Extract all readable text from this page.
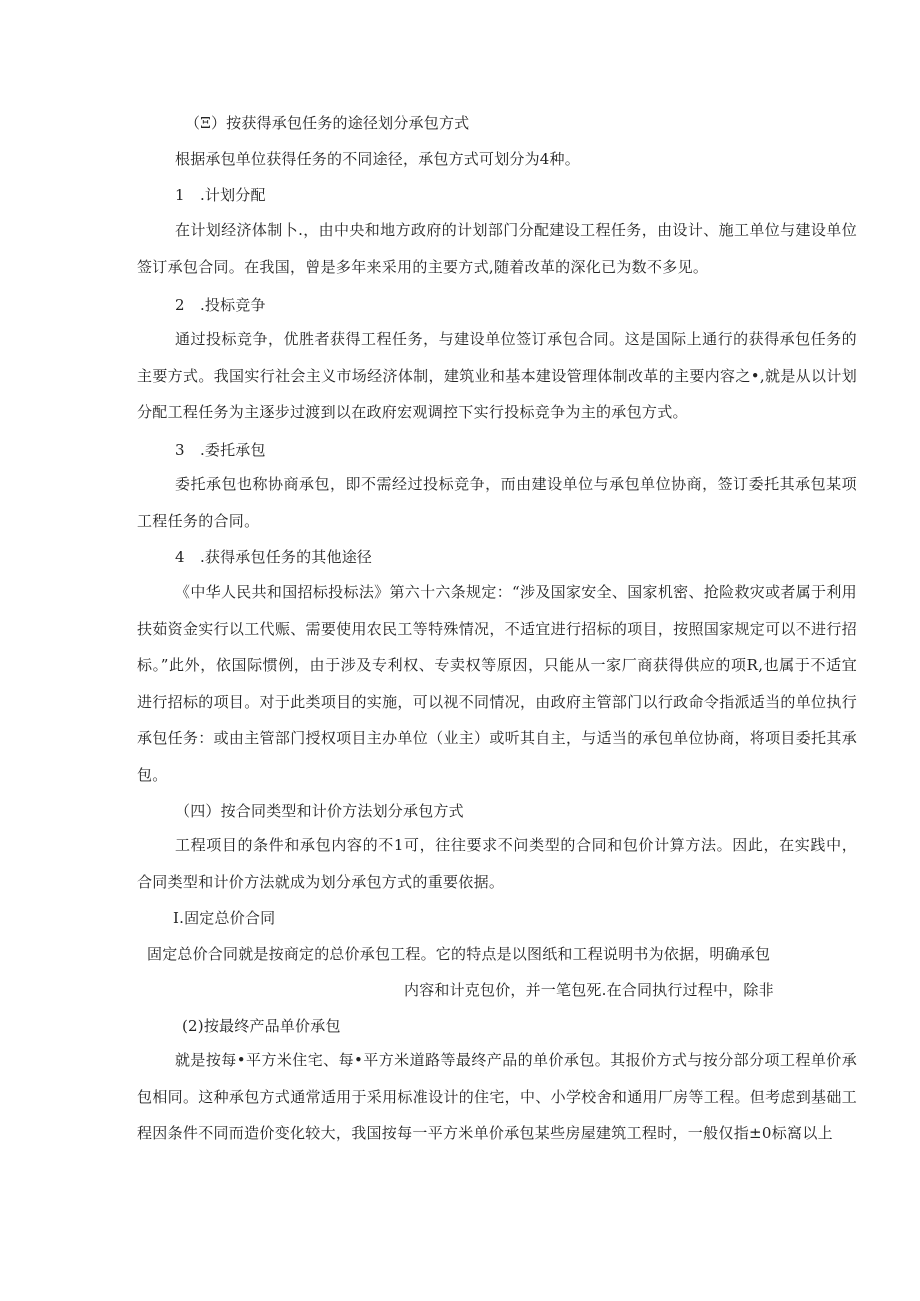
（Ξ）按获得承包任务的途径划分承包方式
根据承包单位获得任务的不同途径，承包方式可划分为4种。
1　.计划分配
在计划经济体制卜.，由中央和地方政府的计划部门分配建设工程任务，由设计、施工单位与建设单位签订承包合同。在我国，曾是多年来采用的主要方式,随着改革的深化已为数不多见。
2　.投标竞争
通过投标竞争，优胜者获得工程任务，与建设单位签订承包合同。这是国际上通行的获得承包任务的主要方式。我国实行社会主义市场经济体制，建筑业和基本建设管理体制改革的主要内容之•,就是从以计划分配工程任务为主逐步过渡到以在政府宏观调控下实行投标竞争为主的承包方式。
3　.委托承包
委托承包也称协商承包，即不需经过投标竞争，而由建设单位与承包单位协商，签订委托其承包某项工程任务的合同。
4　.获得承包任务的其他途径
《中华人民共和国招标投标法》第六十六条规定：“涉及国家安全、国家机密、抢险救灾或者属于利用扶茹资金实行以工代赈、需要使用农民工等特殊情况，不适宜进行招标的项目，按照国家规定可以不进行招标。”此外，依国际惯例，由于涉及专利权、专卖权等原因，只能从一家厂商获得供应的项R,也属于不适宜进行招标的项目。对于此类项目的实施，可以视不同情况，由政府主管部门以行政命令指派适当的单位执行承包任务：或由主管部门授权项目主办单位（业主）或听其自主，与适当的承包单位协商，将项目委托其承包。
（四）按合同类型和计价方法划分承包方式
工程项目的条件和承包内容的不1可，往往要求不问类型的合同和包价计算方法。因此，在实践中，合同类型和计价方法就成为划分承包方式的重要依据。
I.固定总价合同
固定总价合同就是按商定的总价承包工程。它的特点是以图纸和工程说明书为依据，明确承包
内容和计克包价，并一笔包死.在合同执行过程中，除非
(2)按最终产品单价承包
就是按每•平方米住宅、每•平方米道路等最终产品的单价承包。其报价方式与按分部分项工程单价承包相同。这种承包方式通常适用于采用标准设计的住宅，中、小学校舍和通用厂房等工程。但考虑到基础工程因条件不同而造价变化较大，我国按每一平方米单价承包某些房屋建筑工程时，一般仅指±0标窩以上
